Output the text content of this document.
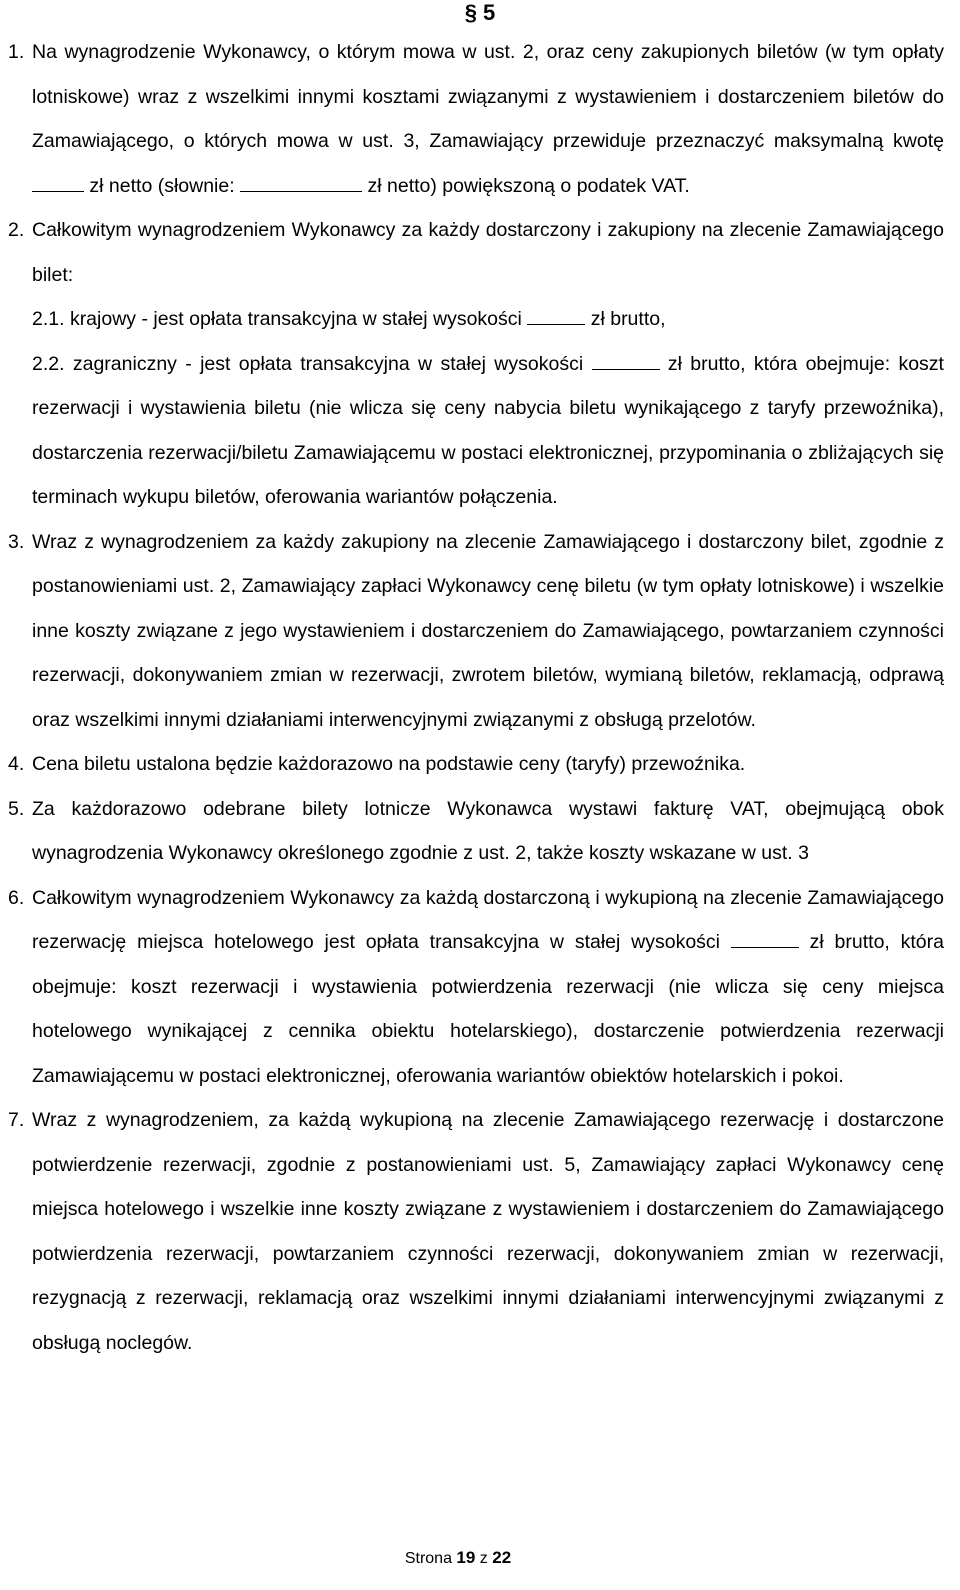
§ 5
1. Na wynagrodzenie Wykonawcy, o którym mowa w ust. 2, oraz ceny zakupionych biletów (w tym opłaty lotniskowe) wraz z wszelkimi innymi kosztami związanymi z wystawieniem i dostarczeniem biletów do Zamawiającego, o których mowa w ust. 3, Zamawiający przewiduje przeznaczyć maksymalną kwotę  zł netto (słownie:	zł netto) powiększoną o podatek VAT.
2. Całkowitym wynagrodzeniem Wykonawcy za każdy dostarczony i zakupiony na zlecenie Zamawiającego bilet:
2.1. krajowy - jest opłata transakcyjna w stałej wysokości	zł brutto,
2.2. zagraniczny - jest opłata transakcyjna w stałej wysokości	zł brutto, która obejmuje: koszt rezerwacji i wystawienia biletu (nie wlicza się ceny nabycia biletu wynikającego z taryfy przewoźnika), dostarczenia rezerwacji/biletu Zamawiającemu w postaci elektronicznej, przypominania o zbliżających się terminach wykupu biletów, oferowania wariantów połączenia.
3. Wraz z wynagrodzeniem za każdy zakupiony na zlecenie Zamawiającego i dostarczony bilet, zgodnie z postanowieniami ust. 2, Zamawiający zapłaci Wykonawcy cenę biletu (w tym opłaty lotniskowe) i wszelkie inne koszty związane z jego wystawieniem i dostarczeniem do Zamawiającego, powtarzaniem czynności rezerwacji, dokonywaniem zmian w rezerwacji, zwrotem biletów, wymianą biletów, reklamacją, odprawą oraz wszelkimi innymi działaniami interwencyjnymi związanymi z obsługą przelotów.
4. Cena biletu ustalona będzie każdorazowo na podstawie ceny (taryfy) przewoźnika.
5. Za każdorazowo odebrane bilety lotnicze Wykonawca wystawi fakturę VAT, obejmującą obok wynagrodzenia Wykonawcy określonego zgodnie z ust. 2, także koszty wskazane w ust. 3
6. Całkowitym wynagrodzeniem Wykonawcy za każdą dostarczoną i wykupioną na zlecenie Zamawiającego rezerwację miejsca hotelowego jest opłata transakcyjna w stałej wysokości	zł brutto, która obejmuje: koszt rezerwacji i wystawienia potwierdzenia rezerwacji (nie wlicza się ceny miejsca hotelowego wynikającej z cennika obiektu hotelarskiego), dostarczenie potwierdzenia rezerwacji Zamawiającemu w postaci elektronicznej, oferowania wariantów obiektów hotelarskich i pokoi.
7. Wraz z wynagrodzeniem, za każdą wykupioną na zlecenie Zamawiającego rezerwację i dostarczone potwierdzenie rezerwacji, zgodnie z postanowieniami ust. 5, Zamawiający zapłaci Wykonawcy cenę miejsca hotelowego i wszelkie inne koszty związane z wystawieniem i dostarczeniem do Zamawiającego potwierdzenia rezerwacji, powtarzaniem czynności rezerwacji, dokonywaniem zmian w rezerwacji, rezygnacją z rezerwacji, reklamacją oraz wszelkimi innymi działaniami interwencyjnymi związanymi z obsługą noclegów.
Strona 19 z 22
